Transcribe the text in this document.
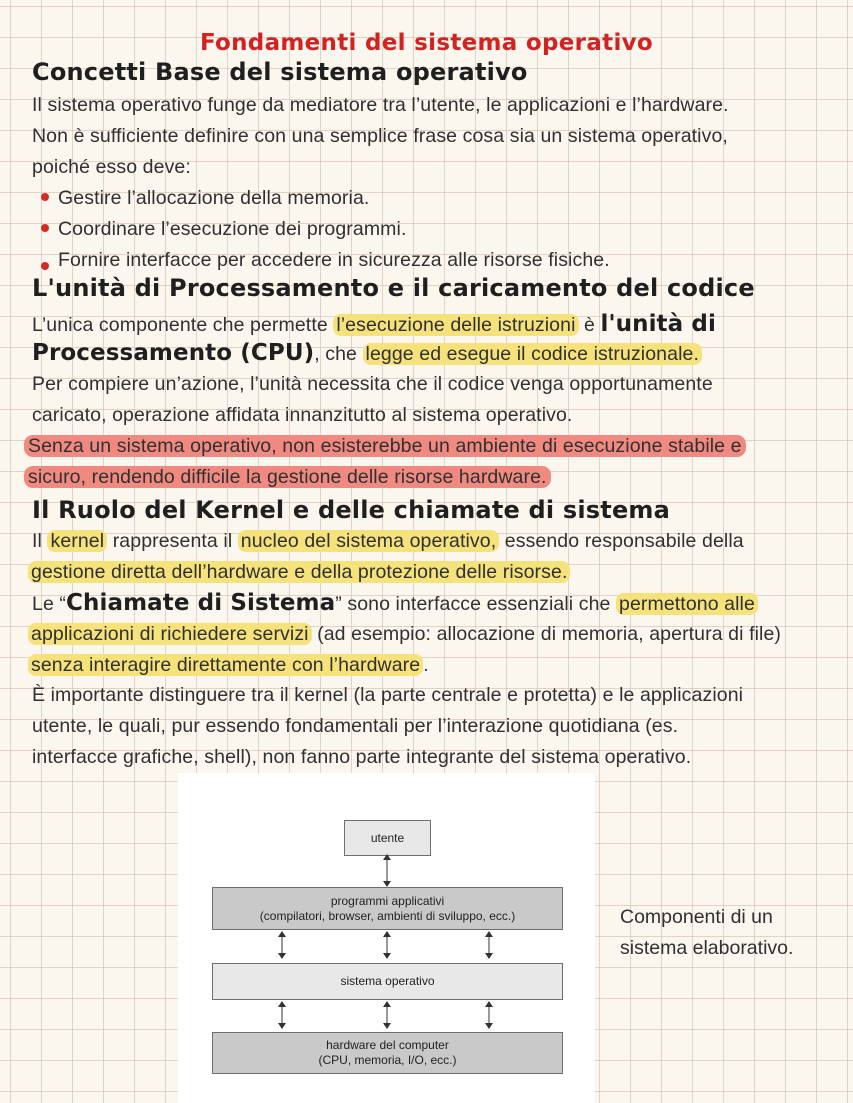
Fondamenti del sistema operativo
Concetti Base del sistema operativo
Il sistema operativo funge da mediatore tra l’utente, le applicazioni e l’hardware.
Non è sufficiente definire con una semplice frase cosa sia un sistema operativo,
poiché esso deve:
Gestire l’allocazione della memoria.
Coordinare l’esecuzione dei programmi.
Fornire interfacce per accedere in sicurezza alle risorse fisiche.
L'unità di Processamento e il caricamento del codice
L’unica componente che permette l’esecuzione delle istruzioni è l'unità di
Processamento (CPU), che legge ed esegue il codice istruzionale.
Per compiere un’azione, l’unità necessita che il codice venga opportunamente
caricato, operazione affidata innanzitutto al sistema operativo.
Senza un sistema operativo, non esisterebbe un ambiente di esecuzione stabile e
sicuro, rendendo difficile la gestione delle risorse hardware.
Il Ruolo del Kernel e delle chiamate di sistema
Il kernel rappresenta il nucleo del sistema operativo, essendo responsabile della
gestione diretta dell’hardware e della protezione delle risorse.
Le “Chiamate di Sistema” sono interfacce essenziali che permettono alle
applicazioni di richiedere servizi (ad esempio: allocazione di memoria, apertura di file)
senza interagire direttamente con l’hardware .
È importante distinguere tra il kernel (la parte centrale e protetta) e le applicazioni
utente, le quali, pur essendo fondamentali per l’interazione quotidiana (es.
interfacce grafiche, shell), non fanno parte integrante del sistema operativo.
utente
programmi applicativi
(compilatori, browser, ambienti di sviluppo, ecc.)
sistema operativo
hardware del computer
(CPU, memoria, I/O, ecc.)
Componenti di un
sistema elaborativo.
